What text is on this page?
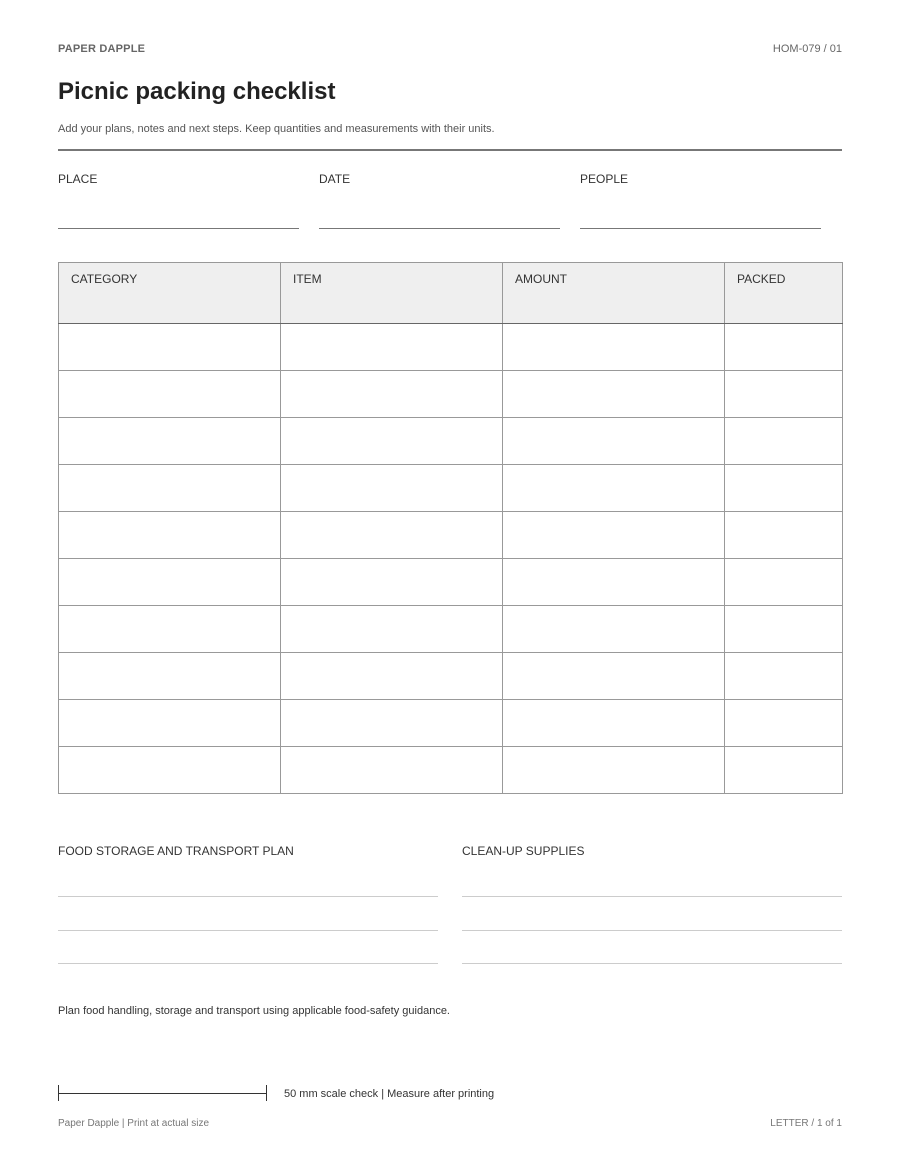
PAPER DAPPLE	HOM-079 / 01
Picnic packing checklist
Add your plans, notes and next steps. Keep quantities and measurements with their units.
PLACE	DATE	PEOPLE
CATEGORY	ITEM	AMOUNT	PACKED

FOOD STORAGE AND TRANSPORT PLAN	CLEAN-UP SUPPLIES
Plan food handling, storage and transport using applicable food-safety guidance.
50 mm scale check | Measure after printing
Paper Dapple | Print at actual size	LETTER / 1 of 1
